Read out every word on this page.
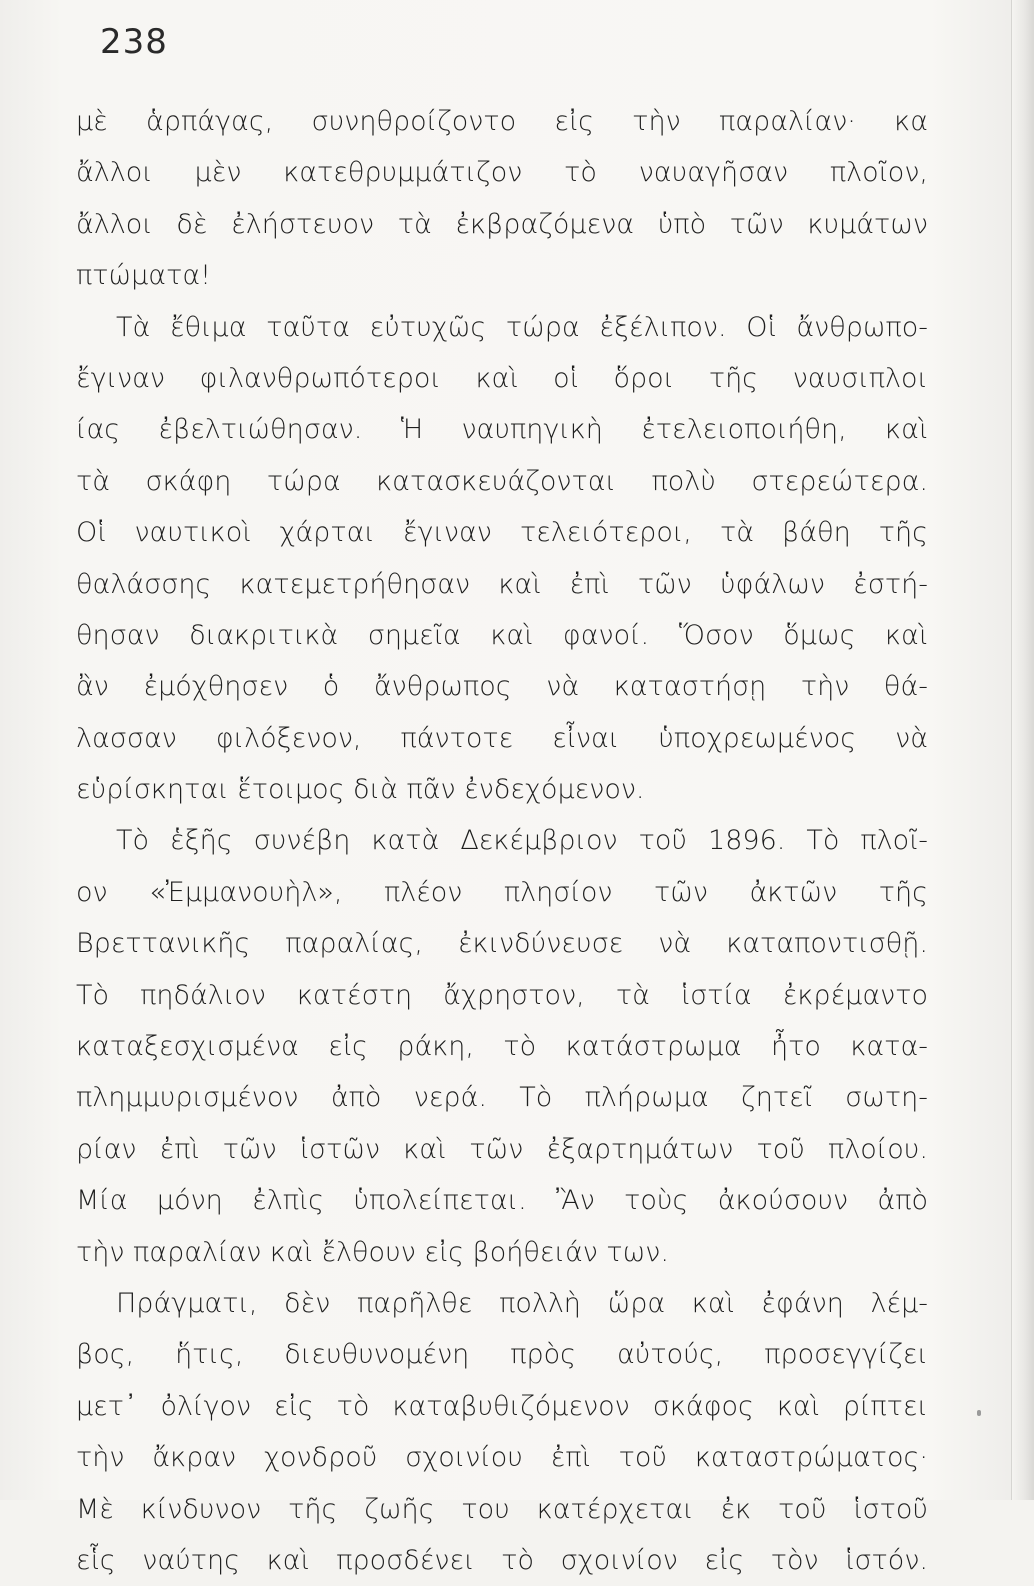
238
μὲ ἁρπάγας, συνηθροίζοντο εἰς τὴν παραλίαν· κα
ἄλλοι μὲν κατεθρυμμάτιζον τὸ ναυαγῆσαν πλοῖον,
ἄλλοι δὲ ἐλήστευον τὰ ἐκβραζόμενα ὑπὸ τῶν κυμάτων
πτώματα!
Τὰ ἔθιμα ταῦτα εὐτυχῶς τώρα ἐξέλιπον. Οἱ ἄνθρωπο-
ἔγιναν φιλανθρωπότεροι καὶ οἱ ὅροι τῆς ναυσιπλοι
ίας ἐβελτιώθησαν. Ἡ ναυπηγικὴ ἐτελειοποιήθη, καὶ
τὰ σκάφη τώρα κατασκευάζονται πολὺ στερεώτερα.
Οἱ ναυτικοὶ χάρται ἔγιναν τελειότεροι, τὰ βάθη τῆς
θαλάσσης κατεμετρήθησαν καὶ ἐπὶ τῶν ὑφάλων ἐστή-
θησαν διακριτικὰ σημεῖα καὶ φανοί. Ὅσον ὅμως καὶ
ἂν ἐμόχθησεν ὁ ἄνθρωπος νὰ καταστήσῃ τὴν θά-
λασσαν φιλόξενον, πάντοτε εἶναι ὑποχρεωμένος νὰ
εὑρίσκηται ἕτοιμος διὰ πᾶν ἐνδεχόμενον.
Τὸ ἑξῆς συνέβη κατὰ Δεκέμβριον τοῦ 1896. Τὸ πλοῖ-
ον «Ἐμμανουὴλ», πλέον πλησίον τῶν ἀκτῶν τῆς
Βρεττανικῆς παραλίας, ἐκινδύνευσε νὰ καταποντισθῇ.
Τὸ πηδάλιον κατέστη ἄχρηστον, τὰ ἱστία ἐκρέμαντο
καταξεσχισμένα εἰς ράκη, τὸ κατάστρωμα ἦτο κατα-
πλημμυρισμένον ἀπὸ νερά. Τὸ πλήρωμα ζητεῖ σωτη-
ρίαν ἐπὶ τῶν ἱστῶν καὶ τῶν ἐξαρτημάτων τοῦ πλοίου.
Μία μόνη ἐλπὶς ὑπολείπεται. Ἂν τοὺς ἀκούσουν ἀπὸ
τὴν παραλίαν καὶ ἔλθουν εἰς βοήθειάν των.
Πράγματι, δὲν παρῆλθε πολλὴ ὥρα καὶ ἐφάνη λέμ-
βος, ἥτις, διευθυνομένη πρὸς αὐτούς, προσεγγίζει
μετ᾽ ὀλίγον εἰς τὸ καταβυθιζόμενον σκάφος καὶ ρίπτει
τὴν ἄκραν χονδροῦ σχοινίου ἐπὶ τοῦ καταστρώματος·
Μὲ κίνδυνον τῆς ζωῆς του κατέρχεται ἐκ τοῦ ἱστοῦ
εἷς ναύτης καὶ προσδένει τὸ σχοινίον εἰς τὸν ἱστόν.
